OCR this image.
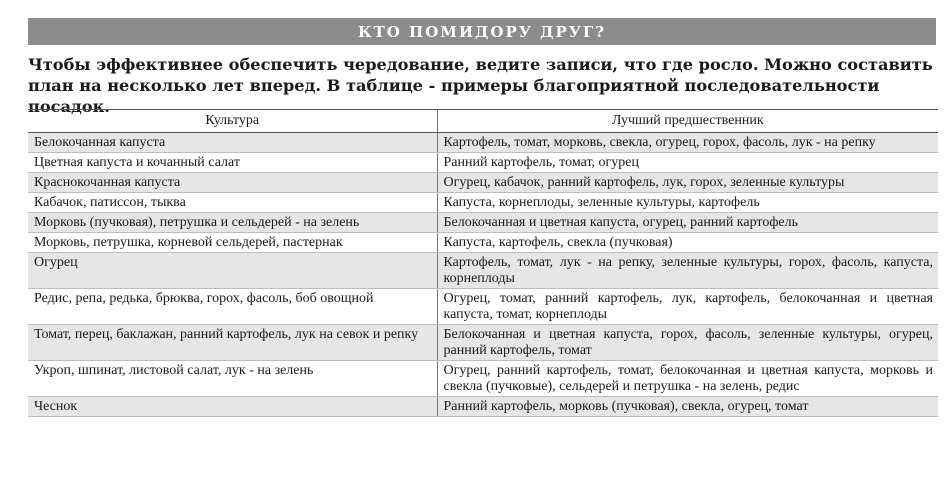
КТО ПОМИДОРУ ДРУГ?
Чтобы эффективнее обеспечить чередование, ведите записи, что где росло. Можно составить план на несколько лет вперед. В таблице - примеры благоприятной последовательности посадок.
Культура	Лучший предшественник
Белокочанная капуста	Картофель, томат, морковь, свекла, огурец, горох, фасоль, лук - на репку
Цветная капуста и кочанный салат	Ранний картофель, томат, огурец
Краснокочанная капуста	Огурец, кабачок, ранний картофель, лук, горох, зеленные культуры
Кабачок, патиссон, тыква	Капуста, корнеплоды, зеленные культуры, картофель
Морковь (пучковая), петрушка и сельдерей - на зелень	Белокочанная и цветная капуста, огурец, ранний картофель
Морковь, петрушка, корневой сельдерей, пастернак	Капуста, картофель, свекла (пучковая)
Огурец	Картофель, томат, лук - на репку, зеленные культуры, горох, фасоль, капуста, корнеплоды
Редис, репа, редька, брюква, горох, фасоль, боб овощной	Огурец, томат, ранний картофель, лук, картофель, белокочанная и цветная капуста, томат, корнеплоды
Томат, перец, баклажан, ранний картофель, лук на севок и репку	Белокочанная и цветная капуста, горох, фасоль, зеленные культуры, огурец, ранний картофель, томат
Укроп, шпинат, листовой салат, лук - на зелень	Огурец, ранний картофель, томат, белокочанная и цветная капуста, морковь и свекла (пучковые), сельдерей и петрушка - на зелень, редис
Чеснок	Ранний картофель, морковь (пучковая), свекла, огурец, томат
